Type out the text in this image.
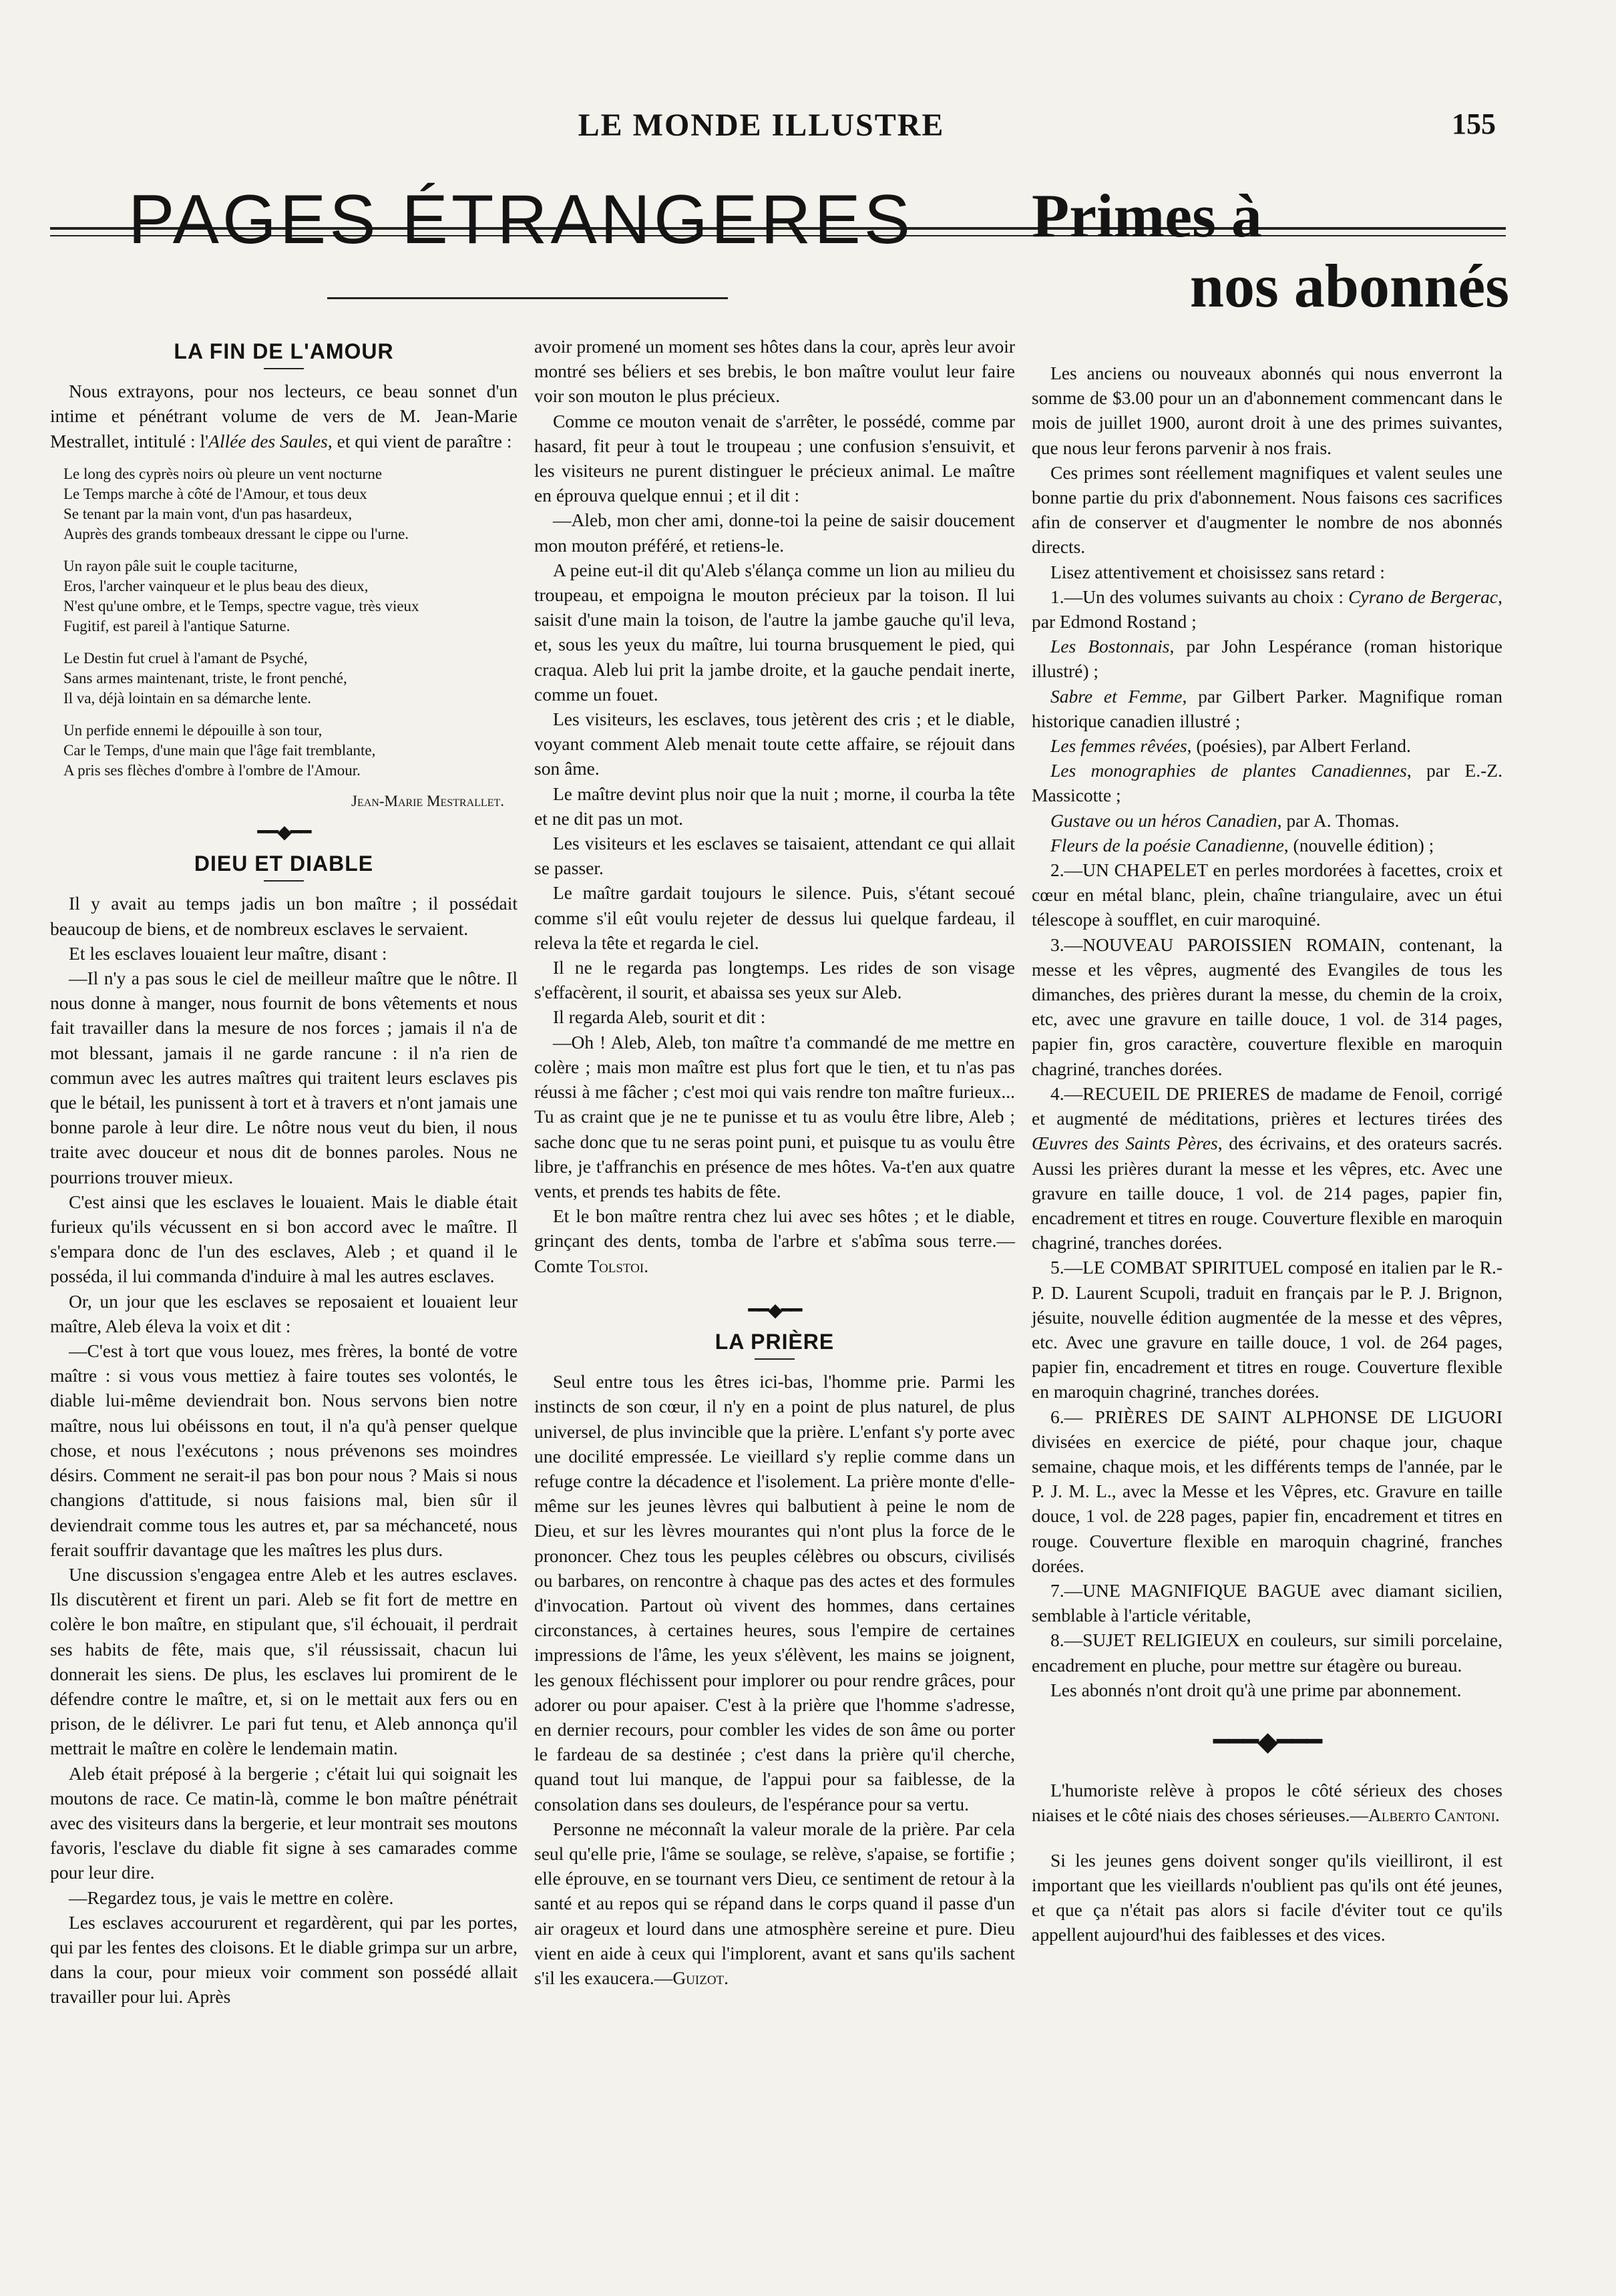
LE MONDE ILLUSTRE	155
PAGES ÉTRANGERES	Primes à
nos abonnés
LA FIN DE L'AMOUR

Nous extrayons, pour nos lecteurs, ce beau sonnet d'un intime et pénétrant volume de vers de M. Jean-Marie Mestrallet, intitulé : l'Allée des Saules, et qui vient de paraître :

Le long des cyprès noirs où pleure un vent nocturne
Le Temps marche à côté de l'Amour, et tous deux
Se tenant par la main vont, d'un pas hasardeux,
Auprès des grands tombeaux dressant le cippe ou l'urne.
Un rayon pâle suit le couple taciturne,
Eros, l'archer vainqueur et le plus beau des dieux,
N'est qu'une ombre, et le Temps, spectre vague, très vieux
Fugitif, est pareil à l'antique Saturne.
Le Destin fut cruel à l'amant de Psyché,
Sans armes maintenant, triste, le front penché,
Il va, déjà lointain en sa démarche lente.
Un perfide ennemi le dépouille à son tour,
Car le Temps, d'une main que l'âge fait tremblante,
A pris ses flèches d'ombre à l'ombre de l'Amour.
Jean-Marie Mestrallet.
━━◆━━
DIEU ET DIABLE

Il y avait au temps jadis un bon maître ; il possédait beaucoup de biens, et de nombreux esclaves le servaient.

Et les esclaves louaient leur maître, disant :

—Il n'y a pas sous le ciel de meilleur maître que le nôtre. Il nous donne à manger, nous fournit de bons vêtements et nous fait travailler dans la mesure de nos forces ; jamais il n'a de mot blessant, jamais il ne garde rancune : il n'a rien de commun avec les autres maîtres qui traitent leurs esclaves pis que le bétail, les punissent à tort et à travers et n'ont jamais une bonne parole à leur dire. Le nôtre nous veut du bien, il nous traite avec douceur et nous dit de bonnes paroles. Nous ne pourrions trouver mieux.

C'est ainsi que les esclaves le louaient. Mais le diable était furieux qu'ils vécussent en si bon accord avec le maître. Il s'empara donc de l'un des esclaves, Aleb ; et quand il le posséda, il lui commanda d'induire à mal les autres esclaves.

Or, un jour que les esclaves se reposaient et louaient leur maître, Aleb éleva la voix et dit :

—C'est à tort que vous louez, mes frères, la bonté de votre maître : si vous vous mettiez à faire toutes ses volontés, le diable lui-même deviendrait bon. Nous servons bien notre maître, nous lui obéissons en tout, il n'a qu'à penser quelque chose, et nous l'exécutons ; nous prévenons ses moindres désirs. Comment ne serait-il pas bon pour nous ? Mais si nous changions d'attitude, si nous faisions mal, bien sûr il deviendrait comme tous les autres et, par sa méchanceté, nous ferait souffrir davantage que les maîtres les plus durs.

Une discussion s'engagea entre Aleb et les autres esclaves. Ils discutèrent et firent un pari. Aleb se fit fort de mettre en colère le bon maître, en stipulant que, s'il échouait, il perdrait ses habits de fête, mais que, s'il réussissait, chacun lui donnerait les siens. De plus, les esclaves lui promirent de le défendre contre le maître, et, si on le mettait aux fers ou en prison, de le délivrer. Le pari fut tenu, et Aleb annonça qu'il mettrait le maître en colère le lendemain matin.

Aleb était préposé à la bergerie ; c'était lui qui soignait les moutons de race. Ce matin-là, comme le bon maître pénétrait avec des visiteurs dans la bergerie, et leur montrait ses moutons favoris, l'esclave du diable fit signe à ses camarades comme pour leur dire.

—Regardez tous, je vais le mettre en colère.

Les esclaves accoururent et regardèrent, qui par les portes, qui par les fentes des cloisons. Et le diable grimpa sur un arbre, dans la cour, pour mieux voir comment son possédé allait travailler pour lui. Après

avoir promené un moment ses hôtes dans la cour, après leur avoir montré ses béliers et ses brebis, le bon maître voulut leur faire voir son mouton le plus précieux.

Comme ce mouton venait de s'arrêter, le possédé, comme par hasard, fit peur à tout le troupeau ; une confusion s'ensuivit, et les visiteurs ne purent distinguer le précieux animal. Le maître en éprouva quelque ennui ; et il dit :

—Aleb, mon cher ami, donne-toi la peine de saisir doucement mon mouton préféré, et retiens-le.

A peine eut-il dit qu'Aleb s'élança comme un lion au milieu du troupeau, et empoigna le mouton précieux par la toison. Il lui saisit d'une main la toison, de l'autre la jambe gauche qu'il leva, et, sous les yeux du maître, lui tourna brusquement le pied, qui craqua. Aleb lui prit la jambe droite, et la gauche pendait inerte, comme un fouet.

Les visiteurs, les esclaves, tous jetèrent des cris ; et le diable, voyant comment Aleb menait toute cette affaire, se réjouit dans son âme.

Le maître devint plus noir que la nuit ; morne, il courba la tête et ne dit pas un mot.

Les visiteurs et les esclaves se taisaient, attendant ce qui allait se passer.

Le maître gardait toujours le silence. Puis, s'étant secoué comme s'il eût voulu rejeter de dessus lui quelque fardeau, il releva la tête et regarda le ciel.

Il ne le regarda pas longtemps. Les rides de son visage s'effacèrent, il sourit, et abaissa ses yeux sur Aleb.

Il regarda Aleb, sourit et dit :

—Oh ! Aleb, Aleb, ton maître t'a commandé de me mettre en colère ; mais mon maître est plus fort que le tien, et tu n'as pas réussi à me fâcher ; c'est moi qui vais rendre ton maître furieux... Tu as craint que je ne te punisse et tu as voulu être libre, Aleb ; sache donc que tu ne seras point puni, et puisque tu as voulu être libre, je t'affranchis en présence de mes hôtes. Va-t'en aux quatre vents, et prends tes habits de fête.

Et le bon maître rentra chez lui avec ses hôtes ; et le diable, grinçant des dents, tomba de l'arbre et s'abîma sous terre.—Comte Tolstoi.

━━◆━━
LA PRIÈRE

Seul entre tous les êtres ici-bas, l'homme prie. Parmi les instincts de son cœur, il n'y en a point de plus naturel, de plus universel, de plus invincible que la prière. L'enfant s'y porte avec une docilité empressée. Le vieillard s'y replie comme dans un refuge contre la décadence et l'isolement. La prière monte d'elle-même sur les jeunes lèvres qui balbutient à peine le nom de Dieu, et sur les lèvres mourantes qui n'ont plus la force de le prononcer. Chez tous les peuples célèbres ou obscurs, civilisés ou barbares, on rencontre à chaque pas des actes et des formules d'invocation. Partout où vivent des hommes, dans certaines circonstances, à certaines heures, sous l'empire de certaines impressions de l'âme, les yeux s'élèvent, les mains se joignent, les genoux fléchissent pour implorer ou pour rendre grâces, pour adorer ou pour apaiser. C'est à la prière que l'homme s'adresse, en dernier recours, pour combler les vides de son âme ou porter le fardeau de sa destinée ; c'est dans la prière qu'il cherche, quand tout lui manque, de l'appui pour sa faiblesse, de la consolation dans ses douleurs, de l'espérance pour sa vertu.

Personne ne méconnaît la valeur morale de la prière. Par cela seul qu'elle prie, l'âme se soulage, se relève, s'apaise, se fortifie ; elle éprouve, en se tournant vers Dieu, ce sentiment de retour à la santé et au repos qui se répand dans le corps quand il passe d'un air orageux et lourd dans une atmosphère sereine et pure. Dieu vient en aide à ceux qui l'implorent, avant et sans qu'ils sachent s'il les exaucera.—Guizot.

Les anciens ou nouveaux abonnés qui nous enverront la somme de $3.00 pour un an d'abonnement commencant dans le mois de juillet 1900, auront droit à une des primes suivantes, que nous leur ferons parvenir à nos frais.

Ces primes sont réellement magnifiques et valent seules une bonne partie du prix d'abonnement. Nous faisons ces sacrifices afin de conserver et d'augmenter le nombre de nos abonnés directs.

Lisez attentivement et choisissez sans retard :

1.—Un des volumes suivants au choix : Cyrano de Bergerac, par Edmond Rostand ;

Les Bostonnais, par John Lespérance (roman historique illustré) ;

Sabre et Femme, par Gilbert Parker. Magnifique roman historique canadien illustré ;

Les femmes rêvées, (poésies), par Albert Ferland.

Les monographies de plantes Canadiennes, par E.-Z. Massicotte ;

Gustave ou un héros Canadien, par A. Thomas.

Fleurs de la poésie Canadienne, (nouvelle édition) ;

2.—UN CHAPELET en perles mordorées à facettes, croix et cœur en métal blanc, plein, chaîne triangulaire, avec un étui télescope à soufflet, en cuir maroquiné.

3.—NOUVEAU PAROISSIEN ROMAIN, contenant, la messe et les vêpres, augmenté des Evangiles de tous les dimanches, des prières durant la messe, du chemin de la croix, etc, avec une gravure en taille douce, 1 vol. de 314 pages, papier fin, gros caractère, couverture flexible en maroquin chagriné, tranches dorées.

4.—RECUEIL DE PRIERES de madame de Fenoil, corrigé et augmenté de méditations, prières et lectures tirées des Œuvres des Saints Pères, des écrivains, et des orateurs sacrés. Aussi les prières durant la messe et les vêpres, etc. Avec une gravure en taille douce, 1 vol. de 214 pages, papier fin, encadrement et titres en rouge. Couverture flexible en maroquin chagriné, tranches dorées.

5.—LE COMBAT SPIRITUEL composé en italien par le R.-P. D. Laurent Scupoli, traduit en français par le P. J. Brignon, jésuite, nouvelle édition augmentée de la messe et des vêpres, etc. Avec une gravure en taille douce, 1 vol. de 264 pages, papier fin, encadrement et titres en rouge. Couverture flexible en maroquin chagriné, tranches dorées.

6.— PRIÈRES DE SAINT ALPHONSE DE LIGUORI divisées en exercice de piété, pour chaque jour, chaque semaine, chaque mois, et les différents temps de l'année, par le P. J. M. L., avec la Messe et les Vêpres, etc. Gravure en taille douce, 1 vol. de 228 pages, papier fin, encadrement et titres en rouge. Couverture flexible en maroquin chagriné, franches dorées.

7.—UNE MAGNIFIQUE BAGUE avec diamant sicilien, semblable à l'article véritable,

8.—SUJET RELIGIEUX en couleurs, sur simili porcelaine, encadrement en pluche, pour mettre sur étagère ou bureau.

Les abonnés n'ont droit qu'à une prime par abonnement.

━━━◆━━━

L'humoriste relève à propos le côté sérieux des choses niaises et le côté niais des choses sérieuses.—Alberto Cantoni.

Si les jeunes gens doivent songer qu'ils vieilliront, il est important que les vieillards n'oublient pas qu'ils ont été jeunes, et que ça n'était pas alors si facile d'éviter tout ce qu'ils appellent aujourd'hui des faiblesses et des vices.
